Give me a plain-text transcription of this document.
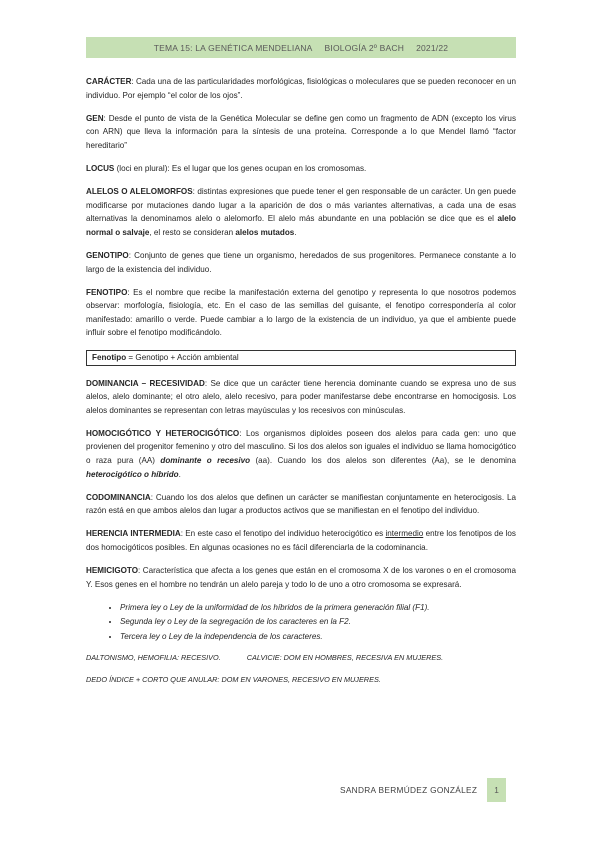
TEMA 15: LA GENÉTICA MENDELIANA BIOLOGÍA 2º BACH 2021/22

CARÁCTER: Cada una de las particularidades morfológicas, fisiológicas o moleculares que se pueden reconocer en un individuo. Por ejemplo “el color de los ojos”.

GEN: Desde el punto de vista de la Genética Molecular se define gen como un fragmento de ADN (excepto los virus con ARN) que lleva la información para la síntesis de una proteína. Corresponde a lo que Mendel llamó “factor hereditario”

LOCUS (loci en plural): Es el lugar que los genes ocupan en los cromosomas.

ALELOS O ALELOMORFOS: distintas expresiones que puede tener el gen responsable de un carácter. Un gen puede modificarse por mutaciones dando lugar a la aparición de dos o más variantes alternativas, a cada una de esas alternativas la denominamos alelo o alelomorfo. El alelo más abundante en una población se dice que es el alelo normal o salvaje, el resto se consideran alelos mutados.

GENOTIPO: Conjunto de genes que tiene un organismo, heredados de sus progenitores. Permanece constante a lo largo de la existencia del individuo.

FENOTIPO: Es el nombre que recibe la manifestación externa del genotipo y representa lo que nosotros podemos observar: morfología, fisiología, etc. En el caso de las semillas del guisante, el fenotipo correspondería al color manifestado: amarillo o verde. Puede cambiar a lo largo de la existencia de un individuo, ya que el ambiente puede influir sobre el fenotipo modificándolo.

Fenotipo = Genotipo + Acción ambiental

DOMINANCIA – RECESIVIDAD: Se dice que un carácter tiene herencia dominante cuando se expresa uno de sus alelos, alelo dominante; el otro alelo, alelo recesivo, para poder manifestarse debe encontrarse en homocigosis. Los alelos dominantes se representan con letras mayúsculas y los recesivos con minúsculas.

HOMOCIGÓTICO Y HETEROCIGÓTICO: Los organismos diploides poseen dos alelos para cada gen: uno que provienen del progenitor femenino y otro del masculino. Si los dos alelos son iguales el individuo se llama homocigótico o raza pura (AA) dominante o recesivo (aa). Cuando los dos alelos son diferentes (Aa), se le denomina heterocigótico o híbrido.

CODOMINANCIA: Cuando los dos alelos que definen un carácter se manifiestan conjuntamente en heterocigosis. La razón está en que ambos alelos dan lugar a productos activos que se manifiestan en el fenotipo del individuo.

HERENCIA INTERMEDIA: En este caso el fenotipo del individuo heterocigótico es intermedio entre los fenotipos de los dos homocigóticos posibles. En algunas ocasiones no es fácil diferenciarla de la codominancia.

HEMICIGOTO: Característica que afecta a los genes que están en el cromosoma X de los varones o en el cromosoma Y. Esos genes en el hombre no tendrán un alelo pareja y todo lo de uno a otro cromosoma se expresará.

• Primera ley o Ley de la uniformidad de los híbridos de la primera generación filial (F1).
• Segunda ley o Ley de la segregación de los caracteres en la F2.
• Tercera ley o Ley de la independencia de los caracteres.
DALTONISMO, HEMOFILIA: RECESIVO.	CALVICIE: DOM EN HOMBRES, RECESIVA EN MUJERES.
DEDO ÍNDICE + CORTO QUE ANULAR: DOM EN VARONES, RECESIVO EN MUJERES.
SANDRA BERMÚDEZ GONZÁLEZ 1
